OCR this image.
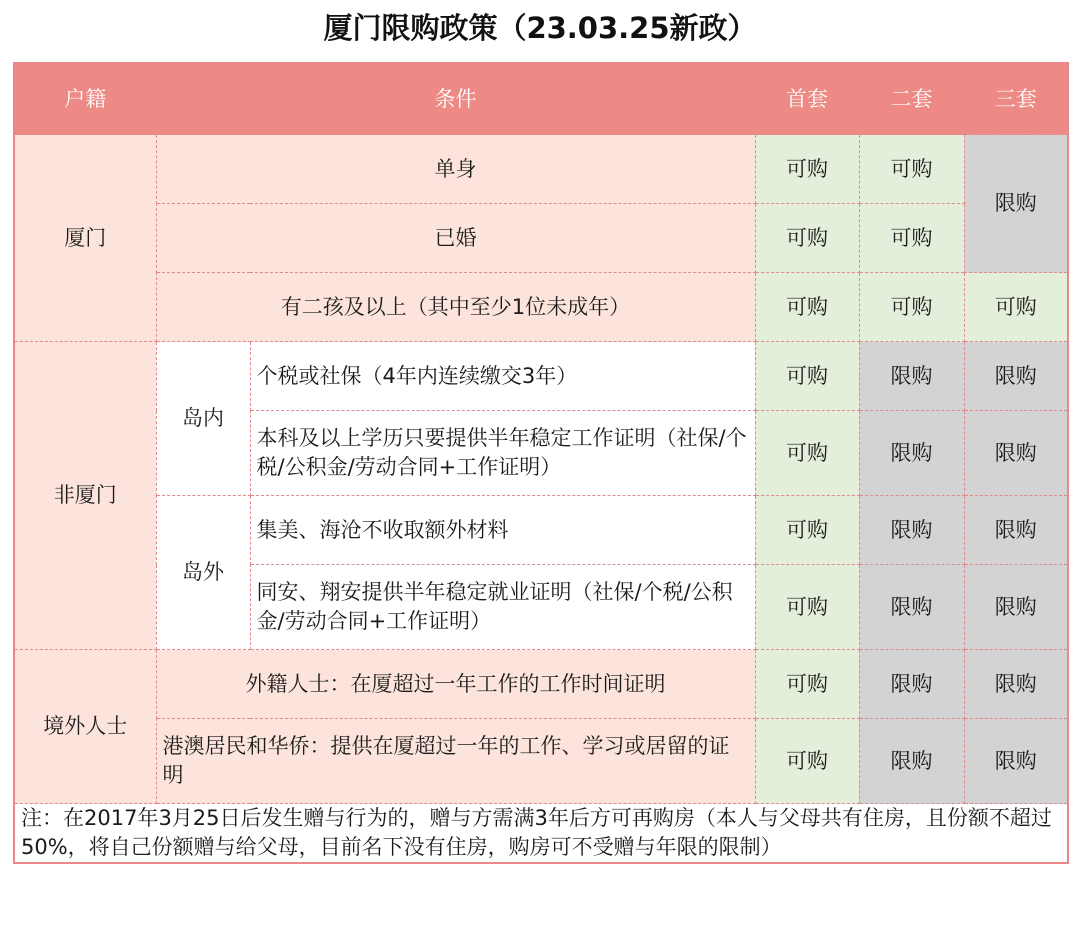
厦门限购政策（23.03.25新政）
户籍	条件		首套	二套	三套
厦门	单身		可购	可购	限购
	已婚		可购	可购	
	有二孩及以上（其中至少1位未成年）		可购	可购	可购
非厦门	岛内	个税或社保（4年内连续缴交3年）	可购	限购	限购
		本科及以上学历只要提供半年稳定工作证明（社保/个税/公积金/劳动合同+工作证明）	可购	限购	限购
	岛外	集美、海沧不收取额外材料	可购	限购	限购
		同安、翔安提供半年稳定就业证明（社保/个税/公积金/劳动合同+工作证明）	可购	限购	限购
境外人士	外籍人士：在厦超过一年工作的工作时间证明		可购	限购	限购
	港澳居民和华侨：提供在厦超过一年的工作、学习或居留的证明		可购	限购	限购
注：在2017年3月25日后发生赠与行为的，赠与方需满3年后方可再购房（本人与父母共有住房，且份额不超过50%，将自己份额赠与给父母，目前名下没有住房，购房可不受赠与年限的限制）					
